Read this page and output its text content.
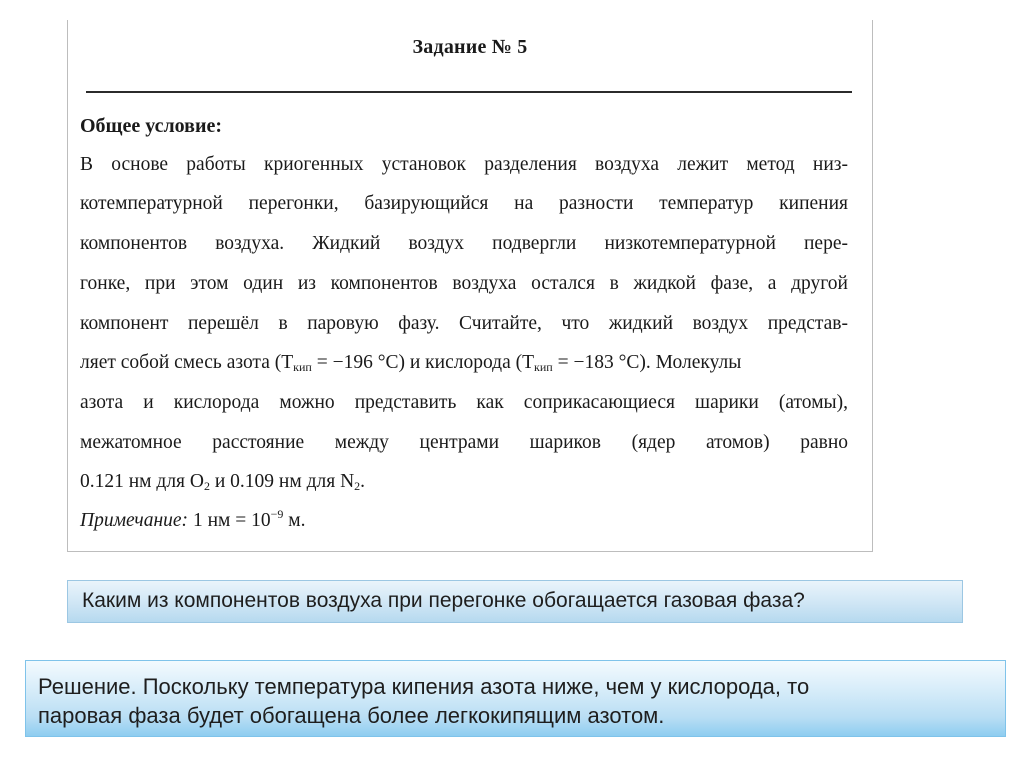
Задание № 5
Общее условие:
В основе работы криогенных установок разделения воздуха лежит метод низ-
котемпературной перегонки, базирующийся на разности температур кипения
компонентов воздуха. Жидкий воздух подвергли низкотемпературной пере-
гонке, при этом один из компонентов воздуха остался в жидкой фазе, а другой
компонент перешёл в паровую фазу. Считайте, что жидкий воздух представ-
ляет собой смесь азота ($Т_{кип} = -196$ °С) и кислорода ($Т_{кип} = -183$ °С). Молекулы
азота и кислорода можно представить как соприкасающиеся шарики (атомы),
межатомное расстояние между центрами шариков (ядер атомов) равно
0.121 нм для $O_2$ и 0.109 нм для $N_2$.
Примечание: 1 нм = $10^{-9}$ м.
Каким из компонентов воздуха при перегонке обогащается газовая фаза?
Решение. Поскольку температура кипения азота ниже, чем у кислорода, то
паровая фаза будет обогащена более легкокипящим азотом.
